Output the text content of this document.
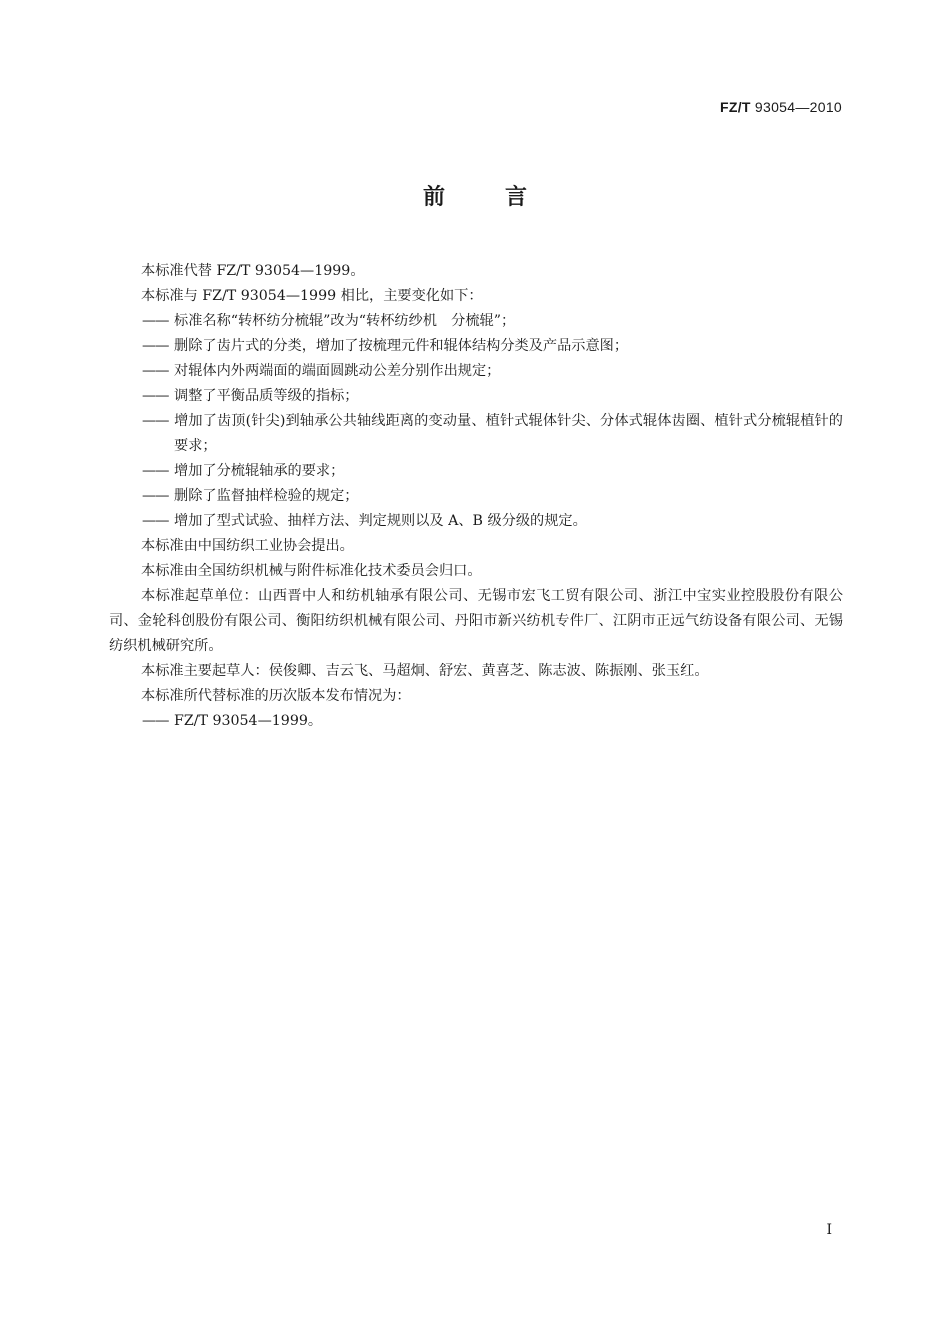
FZ/T 93054—2010
前言

本标准代替 FZ/T 93054—1999。

本标准与 FZ/T 93054—1999 相比，主要变化如下：

—— 标准名称“转杯纺分梳辊”改为“转杯纺纱机　分梳辊”；

—— 删除了齿片式的分类，增加了按梳理元件和辊体结构分类及产品示意图；

—— 对辊体内外两端面的端面圆跳动公差分别作出规定；

—— 调整了平衡品质等级的指标；

—— 增加了齿顶(针尖)到轴承公共轴线距离的变动量、植针式辊体针尖、分体式辊体齿圈、植针式分梳辊植针的要求；

—— 增加了分梳辊轴承的要求；

—— 删除了监督抽样检验的规定；

—— 增加了型式试验、抽样方法、判定规则以及 A、B 级分级的规定。

本标准由中国纺织工业协会提出。

本标准由全国纺织机械与附件标准化技术委员会归口。

本标准起草单位：山西晋中人和纺机轴承有限公司、无锡市宏飞工贸有限公司、浙江中宝实业控股股份有限公司、金轮科创股份有限公司、衡阳纺织机械有限公司、丹阳市新兴纺机专件厂、江阴市正远气纺设备有限公司、无锡纺织机械研究所。

本标准主要起草人：侯俊卿、吉云飞、马超炯、舒宏、黄喜芝、陈志波、陈振刚、张玉红。

本标准所代替标准的历次版本发布情况为：

—— FZ/T 93054—1999。

I
